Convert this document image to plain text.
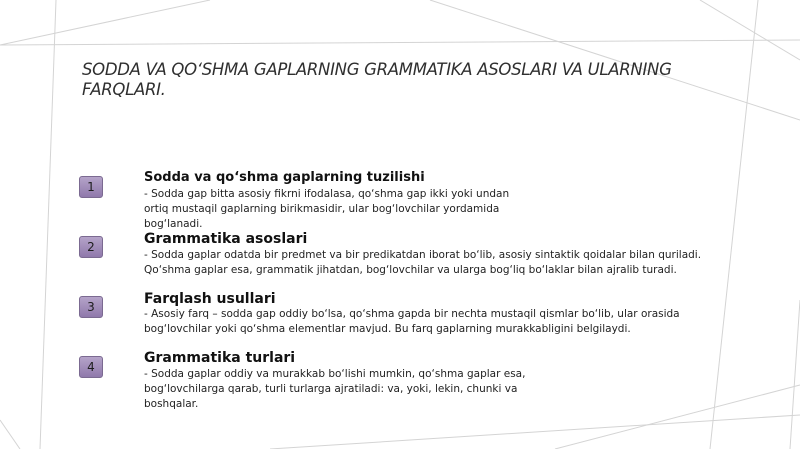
SODDA VA QO‘SHMA GAPLARNING GRAMMATIKA ASOSLARI VA ULARNING FARQLARI.
1
Sodda va qo‘shma gaplarning tuzilishi
- Sodda gap bitta asosiy fikrni ifodalasa, qo‘shma gap ikki yoki undan ortiq mustaqil gaplarning birikmasidir, ular bog‘lovchilar yordamida bog‘lanadi.
2	Grammatika asoslari
- Sodda gaplar odatda bir predmet va bir predikatdan iborat bo‘lib, asosiy sintaktik qoidalar bilan quriladi. Qo‘shma gaplar esa, grammatik jihatdan, bog‘lovchilar va ularga bog‘liq bo‘laklar bilan ajralib turadi.
3	Farqlash usullari
- Asosiy farq – sodda gap oddiy bo‘lsa, qo‘shma gapda bir nechta mustaqil qismlar bo‘lib, ular orasida bog‘lovchilar yoki qo‘shma elementlar mavjud. Bu farq gaplarning murakkabligini belgilaydi.
4
Grammatika turlari
- Sodda gaplar oddiy va murakkab bo‘lishi mumkin, qo‘shma gaplar esa, bog‘lovchilarga qarab, turli turlarga ajratiladi: va, yoki, lekin, chunki va boshqalar.
